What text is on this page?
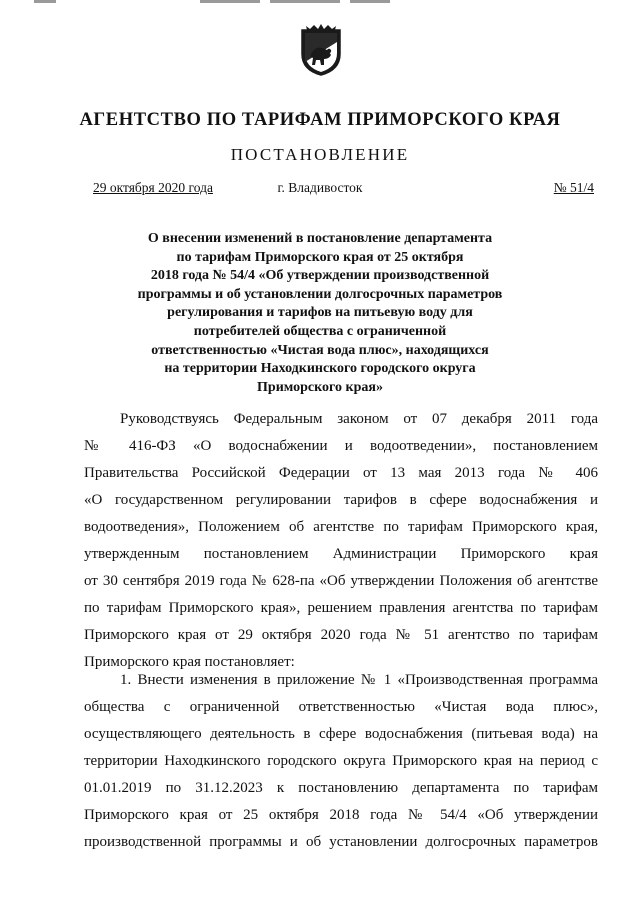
АГЕНТСТВО ПО ТАРИФАМ ПРИМОРСКОГО КРАЯ
ПОСТАНОВЛЕНИЕ
29 октября 2020 года	г. Владивосток	№ 51/4
О внесении изменений в постановление департамента
по тарифам Приморского края от 25 октября
2018 года № 54/4 «Об утверждении производственной
программы и об установлении долгосрочных параметров
регулирования и тарифов на питьевую воду для
потребителей общества с ограниченной
ответственностью «Чистая вода плюс», находящихся
на территории Находкинского городского округа
Приморского края»
Руководствуясь Федеральным законом от 07 декабря 2011 года
№ 416-ФЗ «О водоснабжении и водоотведении», постановлением
Правительства Российской Федерации от 13 мая 2013 года № 406
«О государственном регулировании тарифов в сфере водоснабжения и
водоотведения», Положением об агентстве по тарифам Приморского края,
утвержденным постановлением Администрации Приморского края
от 30 сентября 2019 года № 628-па «Об утверждении Положения об агентстве
по тарифам Приморского края», решением правления агентства по тарифам
Приморского края от 29 октября 2020 года № 51 агентство по тарифам
Приморского края постановляет:
1. Внести изменения в приложение № 1 «Производственная программа
общества с ограниченной ответственностью «Чистая вода плюс»,
осуществляющего деятельность в сфере водоснабжения (питьевая вода) на
территории Находкинского городского округа Приморского края на период с
01.01.2019 по 31.12.2023 к постановлению департамента по тарифам
Приморского края от 25 октября 2018 года № 54/4 «Об утверждении
производственной программы и об установлении долгосрочных параметров
